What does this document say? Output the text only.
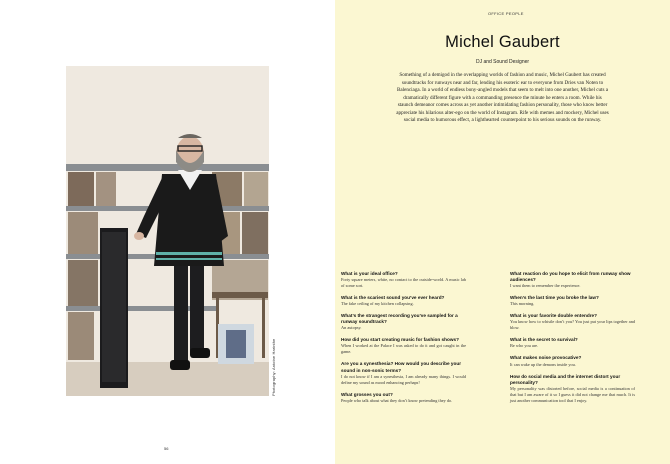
Photography: Antoine Harinthe
56
OFFICE PEOPLE
Michel Gaubert
DJ and Sound Designer

Something of a demigod in the overlapping worlds of fashion and music, Michel Gaubert has created soundtracks for runways near and far, lending his esoteric ear to everyone from Dries van Noten to Balenciaga. In a world of endless bony-angled models that seem to melt into one another, Michel cuts a dramatically different figure with a commanding presence the minute he enters a room. While his staunch demeanor comes across as yet another intimidating fashion personality, those who know better appreciate his hilarious alter-ego on the world of Instagram. Rife with memes and mockery, Michel uses social media to humorous effect, a lighthearted counterpoint to his serious sounds on the runway.

What is your ideal office?
Forty square meters, white, no contact to the outside-world. A music lab of some sort.
What is the scariest sound you’ve ever heard?
The fake ceiling of my kitchen collapsing.
What’s the strangest recording you’ve sampled for a runway soundtrack?
An autopsy.
How did you start creating music for fashion shows?
When I worked at the Palace I was asked to do it and got caught in the game.
Are you a synesthesia? How would you describe your sound in non-sonic terms?
I do not know if I am a synesthesia, I am already many things. I would define my sound as mood enhancing perhaps!
What grosses you out?
People who talk about what they don’t know pretending they do.
What reaction do you hope to elicit from runway show audiences?
I want them to remember the experience.
When’s the last time you broke the law?
This morning.
What is your favorite double entendre?
You know how to whistle don’t you? You just put your lips together and blow.
What is the secret to survival?
Be who you are.
What makes noise provocative?
It can wake up the demons inside you.
How do social media and the internet distort your personality?
My personality was distorted before, social media is a continuation of that but I am aware of it so I guess it did not change me that much. It is just another communication tool that I enjoy.
